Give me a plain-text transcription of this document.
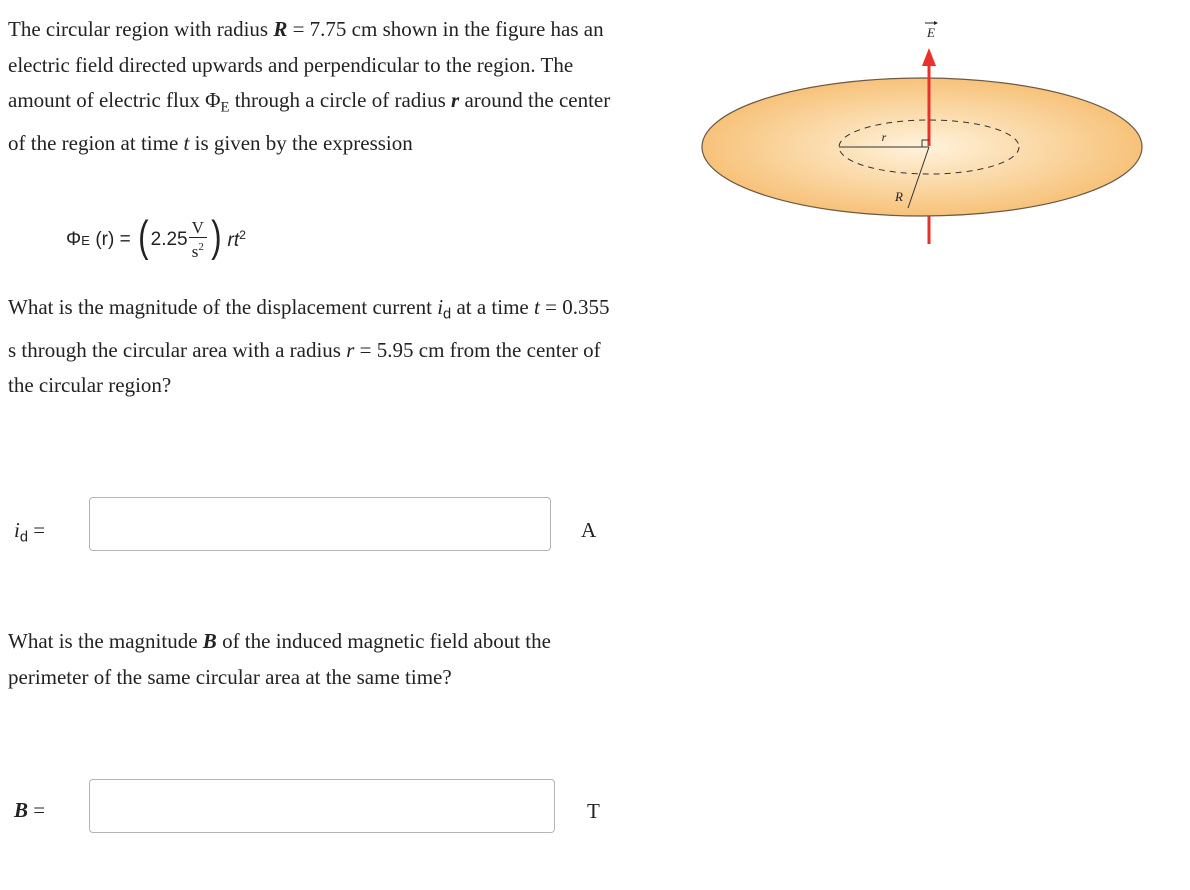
The circular region with radius R = 7.75 cm shown in the figure has an electric field directed upwards and perpendicular to the region. The amount of electric flux $\Phi_E$ through a circle of radius r around the center of the region at time t is given by the expression

Φ E (r) = ( $2.25 \frac{V}{s^2}$ ) $rt^2$

What is the magnitude of the displacement current $i_d$ at a time t = 0.355 s through the circular area with a radius r = 5.95 cm from the center of the circular region?

$i_d$ =	A

What is the magnitude B of the induced magnetic field about the perimeter of the same circular area at the same time?

B =	T
E
r
R
